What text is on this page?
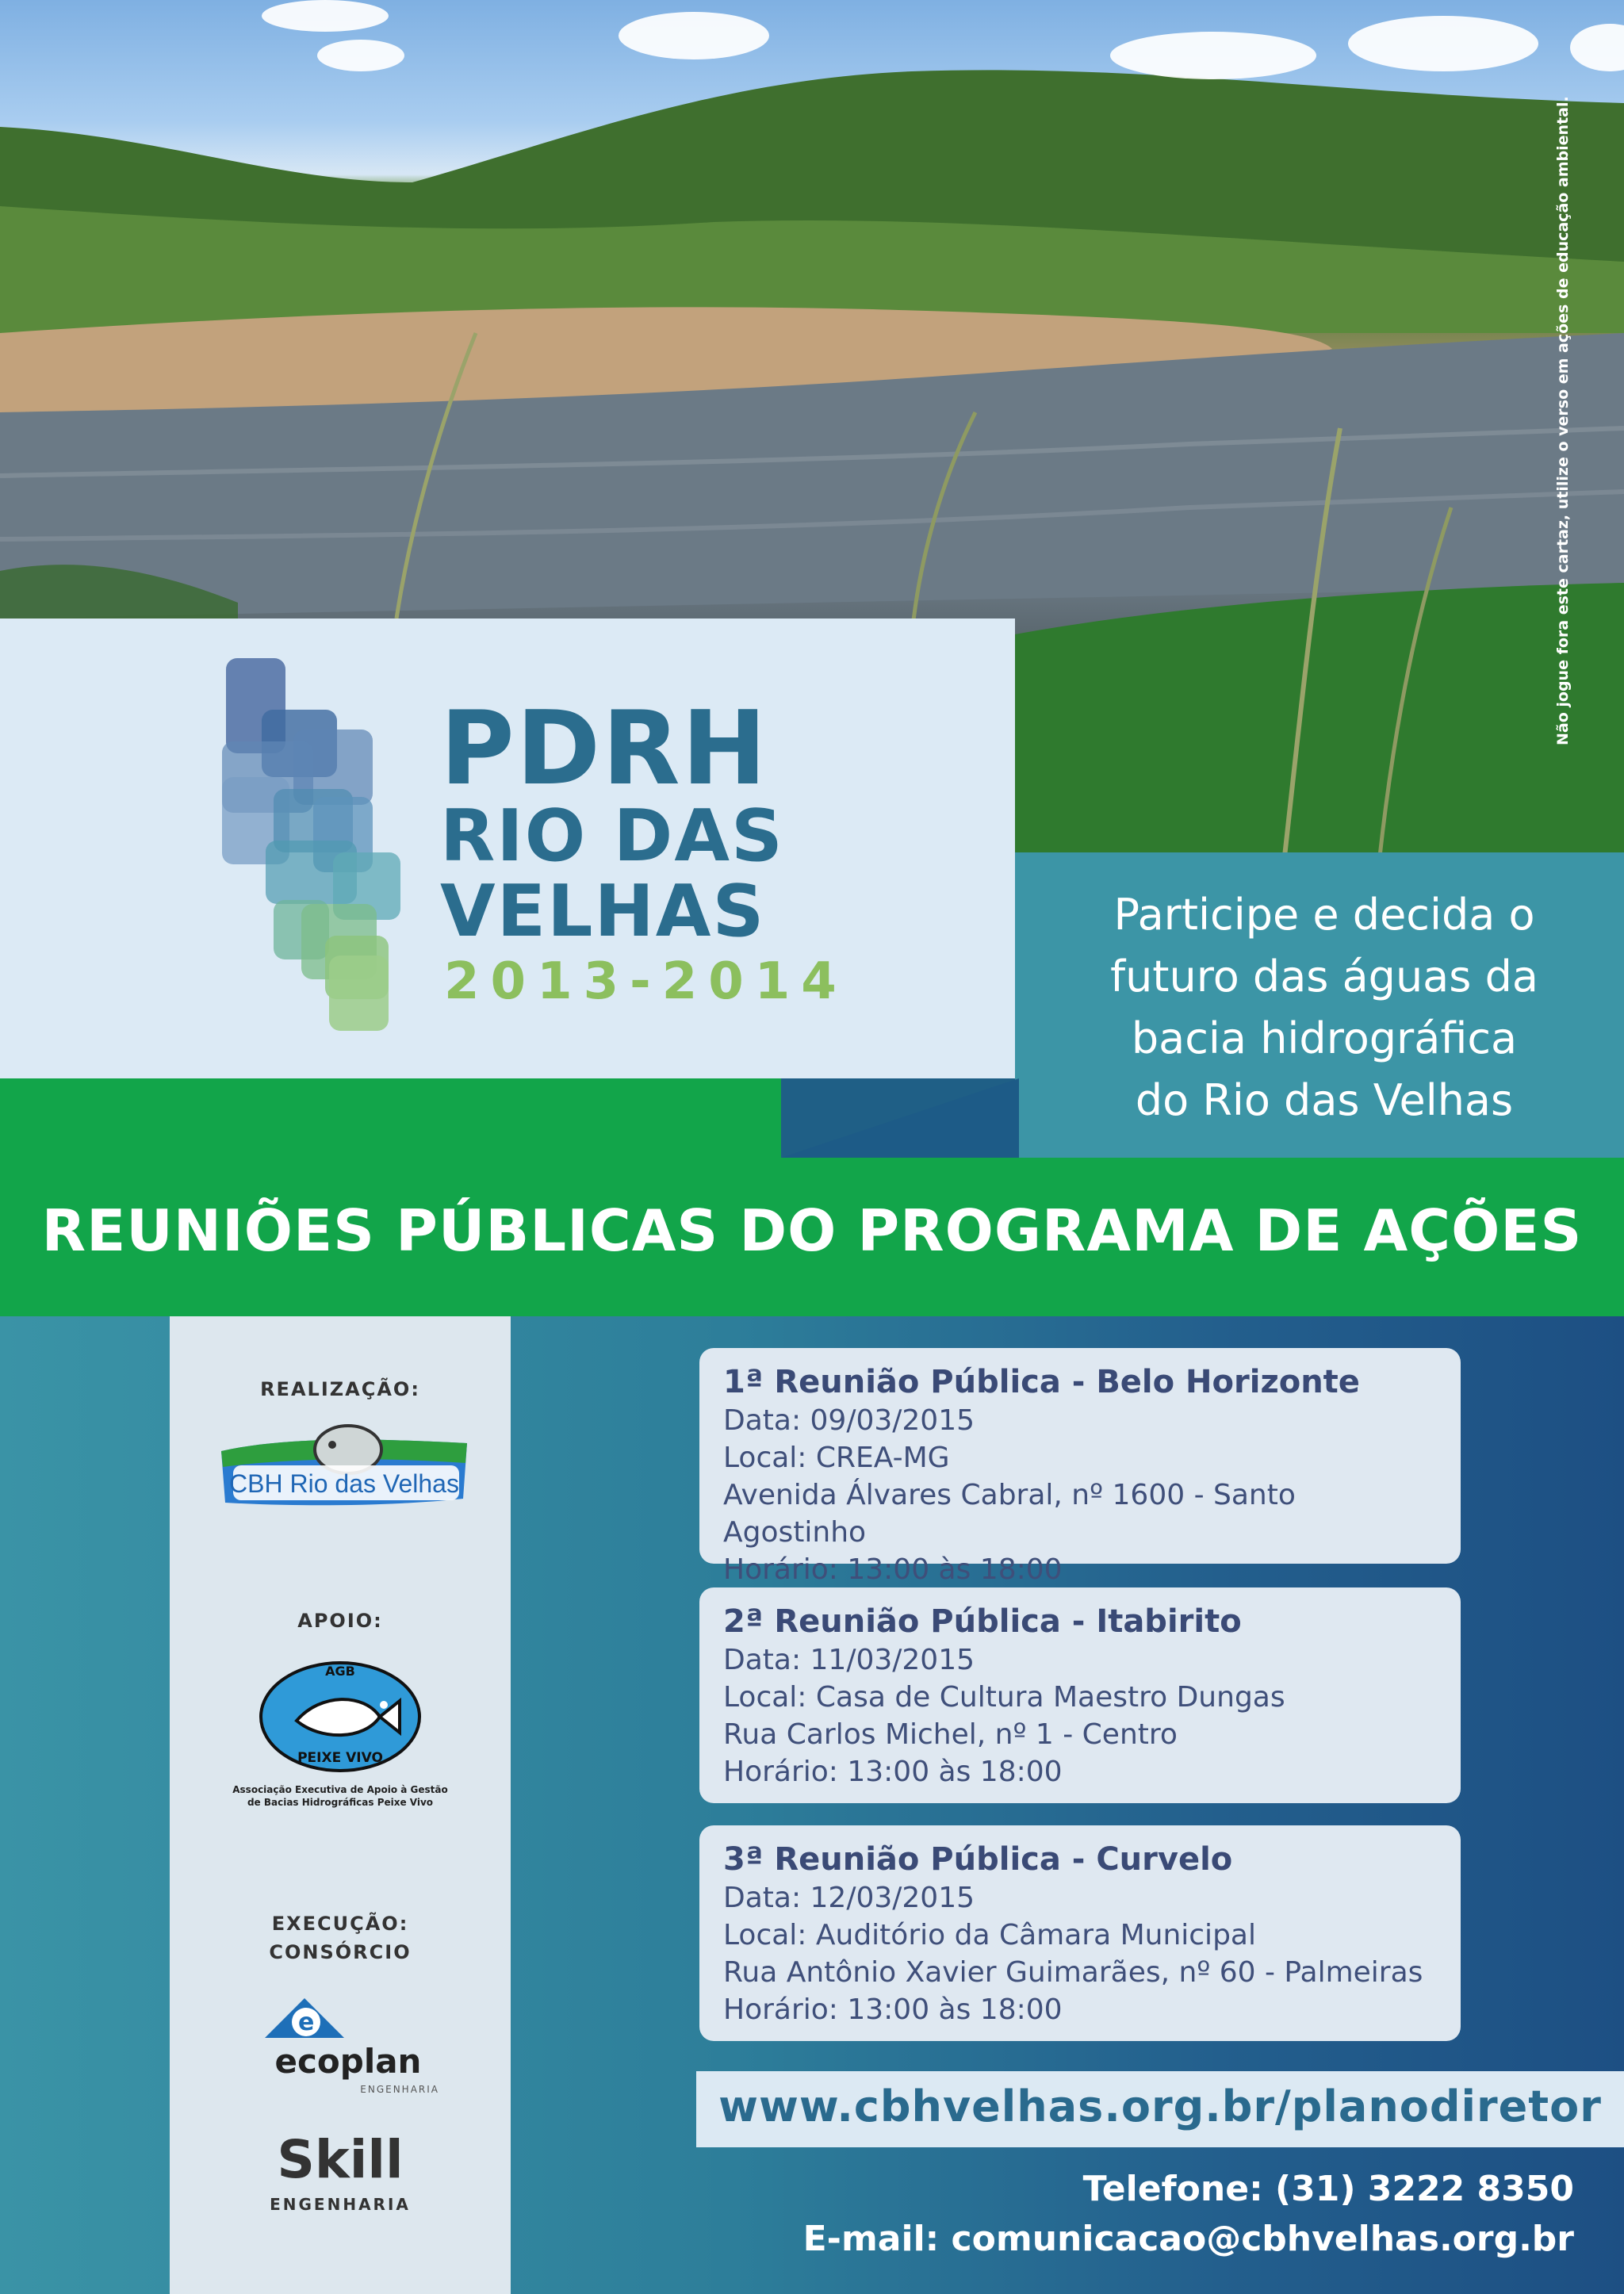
Não jogue fora este cartaz, utilize o verso em ações de educação ambiental.
PDRH
RIO DAS
VELHAS
2013-2014
Participe e decida o
futuro das águas da
bacia hidrográfica
do Rio das Velhas
REUNIÕES PÚBLICAS DO PROGRAMA DE AÇÕES
REALIZAÇÃO:
CBH Rio das Velhas
APOIO:
AGB
PEIXE VIVO
Associação Executiva de Apoio à Gestão
de Bacias Hidrográficas Peixe Vivo
EXECUÇÃO:
CONSÓRCIO
e
ecoplan
ENGENHARIA
Skill
ENGENHARIA
1ª Reunião Pública - Belo Horizonte
Data: 09/03/2015
Local: CREA-MG
Avenida Álvares Cabral, nº 1600 - Santo Agostinho
Horário: 13:00 às 18:00
2ª Reunião Pública - Itabirito
Data: 11/03/2015
Local: Casa de Cultura Maestro Dungas
Rua Carlos Michel, nº 1 - Centro
Horário: 13:00 às 18:00
3ª Reunião Pública - Curvelo
Data: 12/03/2015
Local: Auditório da Câmara Municipal
Rua Antônio Xavier Guimarães, nº 60 - Palmeiras
Horário: 13:00 às 18:00
www.cbhvelhas.org.br/planodiretor
Telefone: (31) 3222 8350
E-mail: comunicacao@cbhvelhas.org.br
